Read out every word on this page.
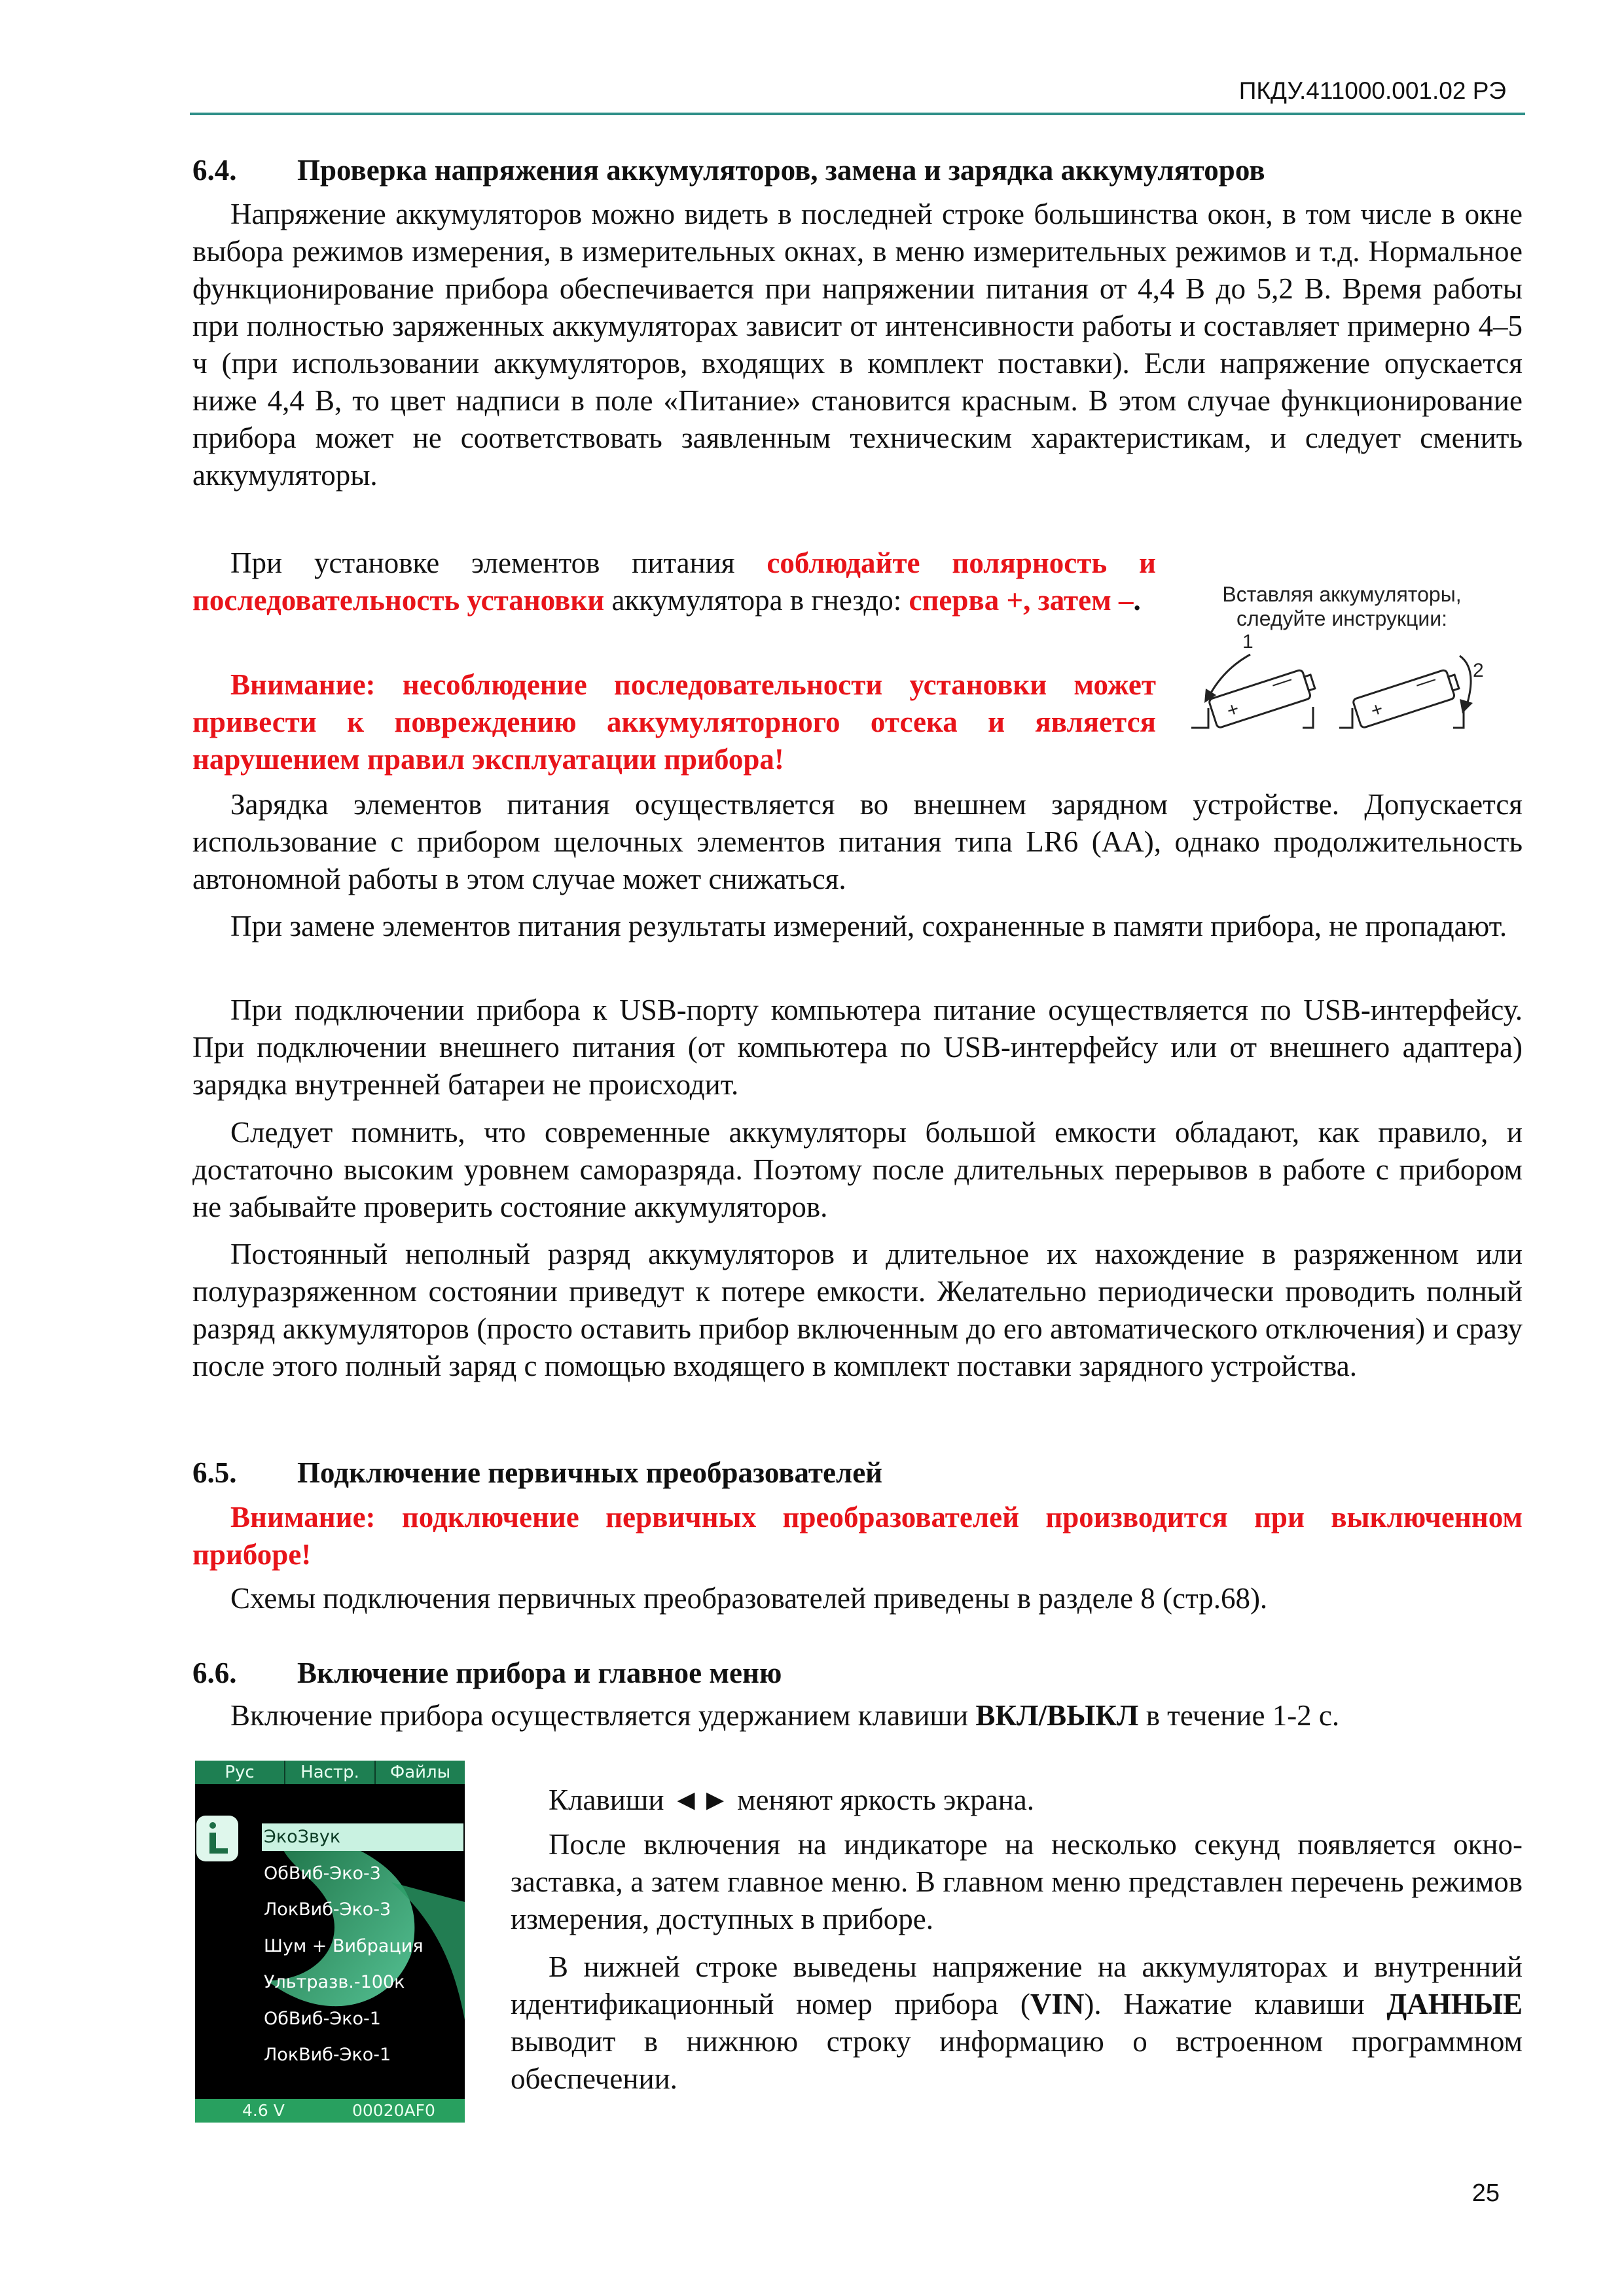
ПКДУ.411000.001.02 РЭ
6.4. Проверка напряжения аккумуляторов, замена и зарядка аккумуляторов
Напряжение аккумуляторов можно видеть в последней строке большинства окон, в том числе в окне выбора режимов измерения, в измерительных окнах, в меню измерительных режимов и т.д. Нормальное функционирование прибора обеспечивается при напряжении питания от 4,4 В до 5,2 В. Время работы при полностью заряженных аккумуляторах зависит от интенсивности работы и составляет примерно 4–5 ч (при использовании аккумуляторов, входящих в комплект поставки). Если напряжение опускается ниже 4,4 В, то цвет надписи в поле «Питание» становится красным. В этом случае функционирование прибора может не соответствовать заявленным техническим характеристикам, и следует сменить аккумуляторы.
При установке элементов питания соблюдайте полярность и последовательность установки аккумулятора в гнездо: сперва +, затем –.
Внимание: несоблюдение последовательности установки может привести к повреждению аккумуляторного отсека и является нарушением правил эксплуатации прибора!
Вставляя аккумуляторы,
следуйте инструкции:
1
+
2
+
Зарядка элементов питания осуществляется во внешнем зарядном устройстве. Допускается использование с прибором щелочных элементов питания типа LR6 (AA), однако продолжительность автономной работы в этом случае может снижаться.
При замене элементов питания результаты измерений, сохраненные в памяти прибора, не пропадают.
При подключении прибора к USB-порту компьютера питание осуществляется по USB-интерфейсу. При подключении внешнего питания (от компьютера по USB-интерфейсу или от внешнего адаптера) зарядка внутренней батареи не происходит.
Следует помнить, что современные аккумуляторы большой емкости обладают, как правило, и достаточно высоким уровнем саморазряда. Поэтому после длительных перерывов в работе с прибором не забывайте проверить состояние аккумуляторов.
Постоянный неполный разряд аккумуляторов и длительное их нахождение в разряженном или полуразряженном состоянии приведут к потере емкости. Желательно периодически проводить полный разряд аккумуляторов (просто оставить прибор включенным до его автоматического отключения) и сразу после этого полный заряд с помощью входящего в комплект поставки зарядного устройства.
6.5. Подключение первичных преобразователей
Внимание: подключение первичных преобразователей производится при выключенном приборе!
Схемы подключения первичных преобразователей приведены в разделе 8 (стр.68).
6.6. Включение прибора и главное меню
Включение прибора осуществляется удержанием клавиши ВКЛ/ВЫКЛ в течение 1-2 с.
Рус	Настр.	Файлы
ЭкоЗвук
ОбВиб-Эко-3
ЛокВиб-Эко-3
Шум + Вибрация
Ультразв.-100к
ОбВиб-Эко-1
ЛокВиб-Эко-1
4.6 V	00020AF0
Клавиши ◄► меняют яркость экрана.
После включения на индикаторе на несколько секунд появляется окно-заставка, а затем главное меню. В главном меню представлен перечень режимов измерения, доступных в приборе.
В нижней строке выведены напряжение на аккумуляторах и внутренний идентификационный номер прибора (VIN). Нажатие клавиши ДАННЫЕ выводит в нижнюю строку информацию о встроенном программном обеспечении.
25
